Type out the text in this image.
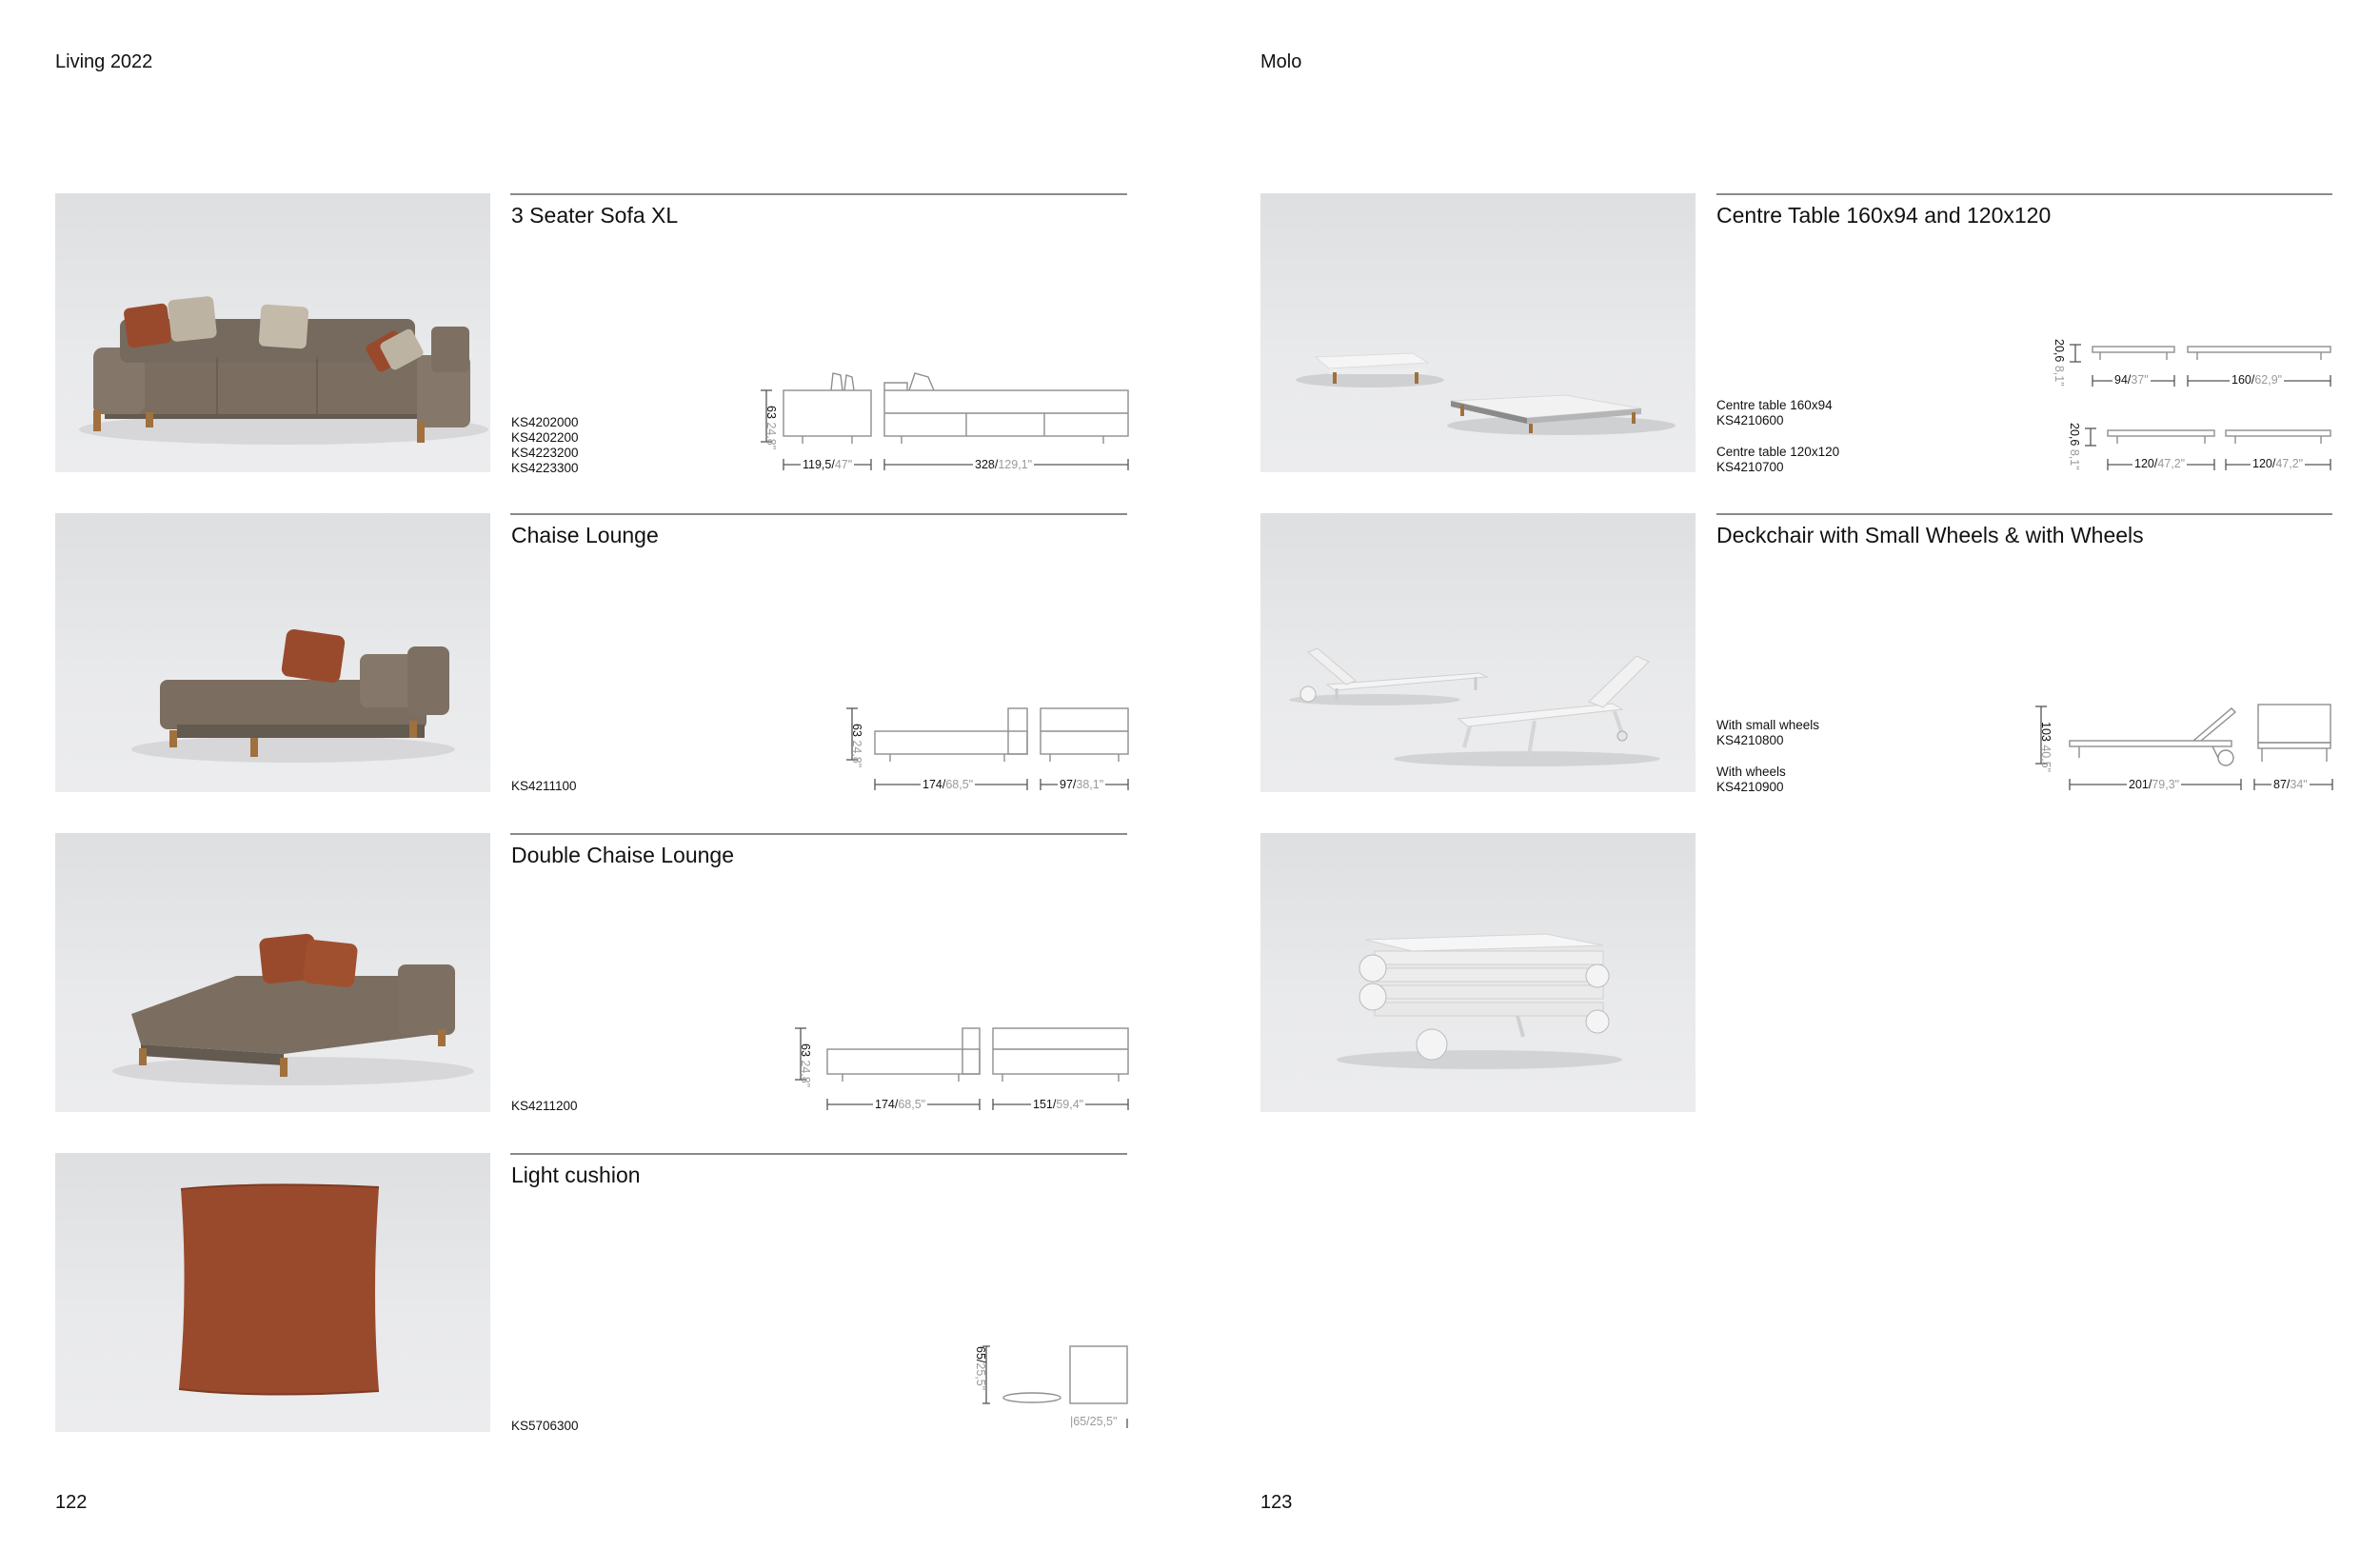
Living 2022	Molo
3 Seater Sofa XL
KS4202000
KS4202200
KS4223200
KS4223300
63 24,8"
119,5/47"	328/129,1"
Chaise Lounge
KS4211100
63 24,8"
174/68,5"	97/38,1"
Double Chaise Lounge
KS4211200
63 24,8"
174/68,5"	151/59,4"
Light cushion
KS5706300
65/25,5"
|65/25,5"
Centre Table 160x94 and 120x120
Centre table 160x94
KS4210600
Centre table 120x120
KS4210700
20,6 8,1"	94/37"	160/62,9"
20,6 8,1"	120/47,2"	120/47,2"
Deckchair with Small Wheels & with Wheels
With small wheels
KS4210800
With wheels
KS4210900
103 40,5"
201/79,3"	87/34"
122	123
